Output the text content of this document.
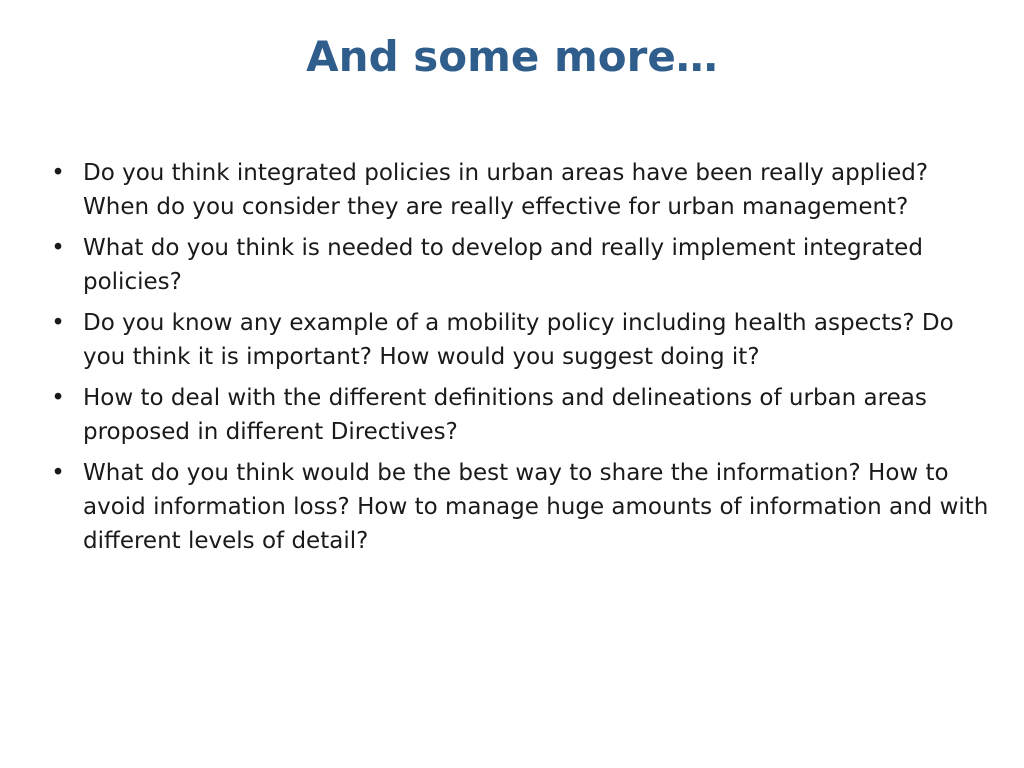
And some more…
• Do you think integrated policies in urban areas have been really applied? When do you consider they are really effective for urban management?
• What do you think is needed to develop and really implement integrated policies?
• Do you know any example of a mobility policy including health aspects? Do you think it is important? How would you suggest doing it?
• How to deal with the different definitions and delineations of urban areas proposed in different Directives?
• What do you think would be the best way to share the information? How to avoid information loss? How to manage huge amounts of information and with different levels of detail?
